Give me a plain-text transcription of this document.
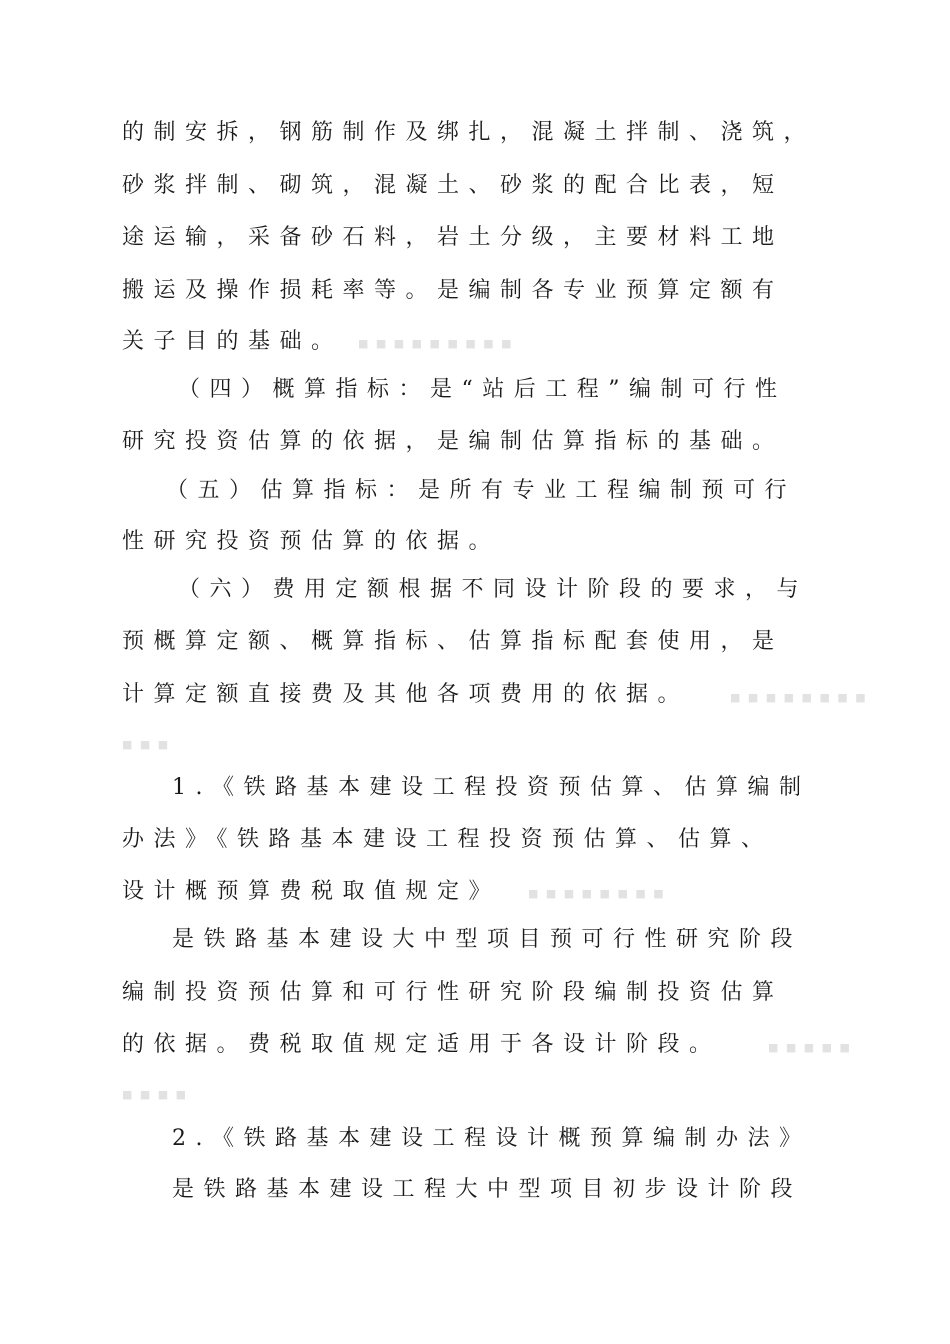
的制安拆，钢筋制作及绑扎，混凝土拌制、浇筑，
砂浆拌制、砌筑，混凝土、砂浆的配合比表，短
途运输，采备砂石料，岩土分级，主要材料工地
搬运及操作损耗率等。是编制各专业预算定额有
关子目的基础。 ■ ■ ■ ■ ■ ■ ■ ■ ■
（四）概算指标：是“站后工程”编制可行性
研究投资估算的依据，是编制估算指标的基础。
（五）估算指标：是所有专业工程编制预可行
性研究投资预估算的依据。
（六）费用定额根据不同设计阶段的要求，与
预概算定额、概算指标、估算指标配套使用，是
计算定额直接费及其他各项费用的依据。	■ ■ ■ ■ ■ ■ ■ ■
■ ■ ■
1.《铁路基本建设工程投资预估算、估算编制
办法》《铁路基本建设工程投资预估算、估算、
设计概预算费税取值规定》	■ ■ ■ ■ ■ ■ ■ ■
是铁路基本建设大中型项目预可行性研究阶段
编制投资预估算和可行性研究阶段编制投资估算
的依据。费税取值规定适用于各设计阶段。	■ ■ ■ ■ ■
■ ■ ■ ■
2.《铁路基本建设工程设计概预算编制办法》
是铁路基本建设工程大中型项目初步设计阶段
